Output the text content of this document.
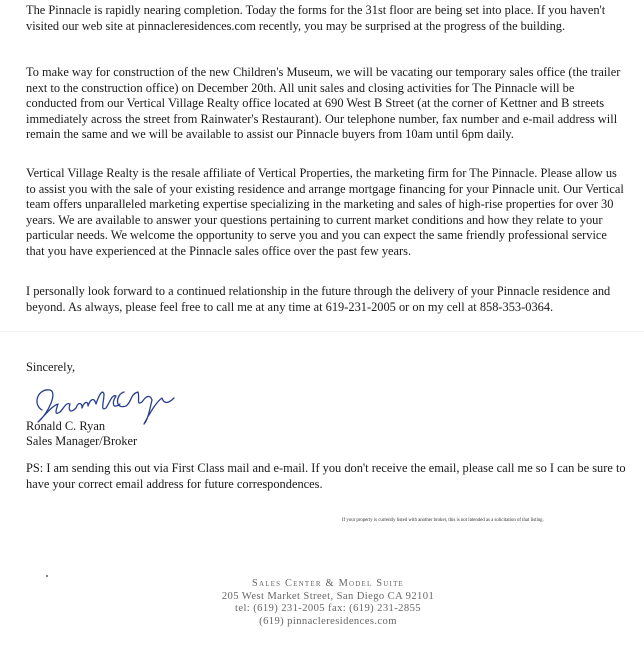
The Pinnacle is rapidly nearing completion. Today the forms for the 31st floor are being set into place. If you haven't visited our web site at pinnacleresidences.com recently, you may be surprised at the progress of the building.

To make way for construction of the new Children's Museum, we will be vacating our temporary sales office (the trailer next to the construction office) on December 20th. All unit sales and closing activities for The Pinnacle will be conducted from our Vertical Village Realty office located at 690 West B Street (at the corner of Kettner and B streets immediately across the street from Rainwater's Restaurant). Our telephone number, fax number and e-mail address will remain the same and we will be available to assist our Pinnacle buyers from 10am until 6pm daily.

Vertical Village Realty is the resale affiliate of Vertical Properties, the marketing firm for The Pinnacle. Please allow us to assist you with the sale of your existing residence and arrange mortgage financing for your Pinnacle unit. Our Vertical team offers unparalleled marketing expertise specializing in the marketing and sales of high-rise properties for over 30 years. We are available to answer your questions pertaining to current market conditions and how they relate to your particular needs. We welcome the opportunity to serve you and you can expect the same friendly professional service that you have experienced at the Pinnacle sales office over the past few years.

I personally look forward to a continued relationship in the future through the delivery of your Pinnacle residence and beyond. As always, please feel free to call me at any time at 619-231-2005 or on my cell at 858-353-0364.

Sincerely,
Ronald C. Ryan
Sales Manager/Broker

PS: I am sending this out via First Class mail and e-mail. If you don't receive the email, please call me so I can be sure to have your correct email address for future correspondences.

If your property is currently listed with another broker, this is not intended as a solicitation of that listing.
Sales Center & Model Suite
205 West Market Street, San Diego CA 92101
tel: (619) 231-2005 fax: (619) 231-2855
(619) pinnacleresidences.com
